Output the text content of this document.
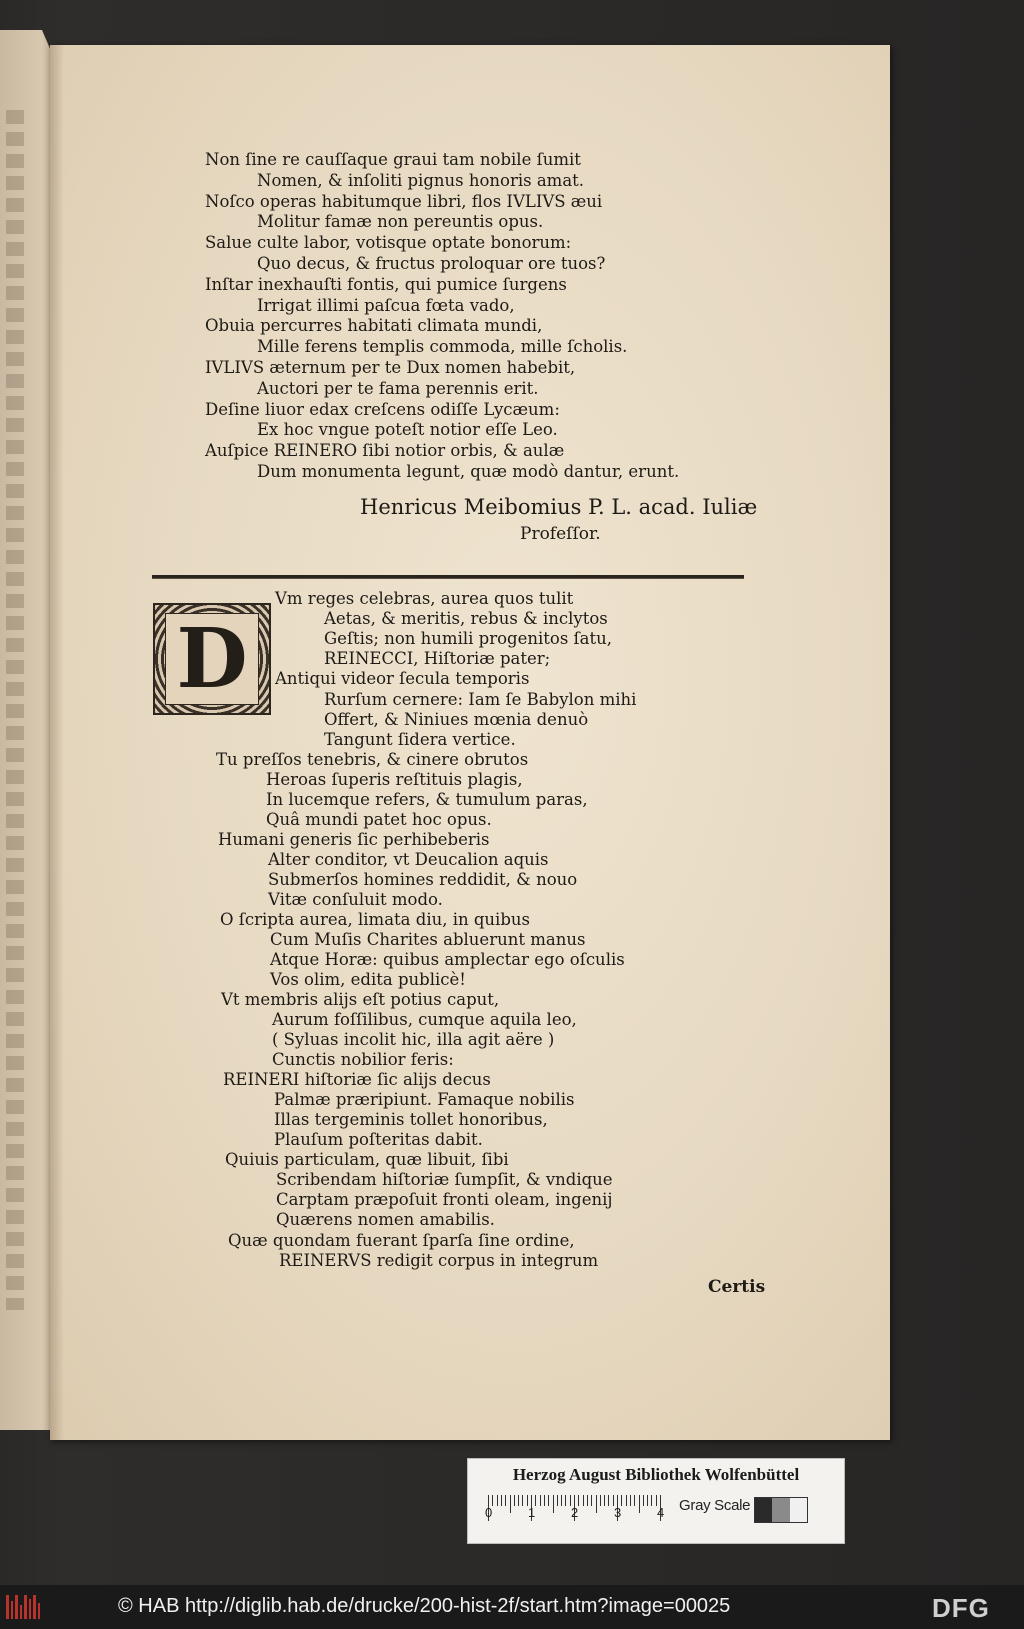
Non ſine re cauſſaque graui tam nobile ſumit
Nomen, & inſoliti pignus honoris amat.
Noſco operas habitumque libri, flos IVLIVS æui
Molitur famæ non pereuntis opus.
Salue culte labor, votisque optate bonorum:
Quo decus, & fructus proloquar ore tuos?
Inſtar inexhauſti fontis, qui pumice ſurgens
Irrigat illimi paſcua fœta vado,
Obuia percurres habitati climata mundi,
Mille ferens templis commoda, mille ſcholis.
IVLIVS æternum per te Dux nomen habebit,
Auctori per te fama perennis erit.
Deſine liuor edax creſcens odiſſe Lycæum:
Ex hoc vngue poteſt notior eſſe Leo.
Auſpice REINERO ſibi notior orbis, & aulæ
Dum monumenta legunt, quæ modò dantur, erunt.
Henricus Meibomius P. L. acad. Iuliæ
Profeſſor.
D
Vm reges celebras, aurea quos tulit
Aetas, & meritis, rebus & inclytos
Geſtis; non humili progenitos ſatu,
REINECCI, Hiſtoriæ pater;
Antiqui videor ſecula temporis
Rurſum cernere: Iam ſe Babylon mihi
Offert, & Niniues mœnia denuò
Tangunt ſidera vertice.
Tu preſſos tenebris, & cinere obrutos
Heroas ſuperis reſtituis plagis,
In lucemque refers, & tumulum paras,
Quâ mundi patet hoc opus.
Humani generis ſic perhibeberis
Alter conditor, vt Deucalion aquis
Submerſos homines reddidit, & nouo
Vitæ conſuluit modo.
O ſcripta aurea, limata diu, in quibus
Cum Muſis Charites abluerunt manus
Atque Horæ: quibus amplectar ego oſculis
Vos olim, edita publicè!
Vt membris alijs eſt potius caput,
Aurum foſſilibus, cumque aquila leo,
( Syluas incolit hic, illa agit aëre )
Cunctis nobilior feris:
REINERI hiſtoriæ ſic alijs decus
Palmæ præripiunt. Famaque nobilis
Illas tergeminis tollet honoribus,
Plauſum poſteritas dabit.
Quiuis particulam, quæ libuit, ſibi
Scribendam hiſtoriæ ſumpſit, & vndique
Carptam præpoſuit fronti oleam, ingenij
Quærens nomen amabilis.
Quæ quondam fuerant ſparſa ſine ordine,
REINERVS redigit corpus in integrum
Certis
Herzog August Bibliothek Wolfenbüttel
0	1	2	3	4 Gray Scale
© HAB http://diglib.hab.de/drucke/200-hist-2f/start.htm?image=00025	DFG
